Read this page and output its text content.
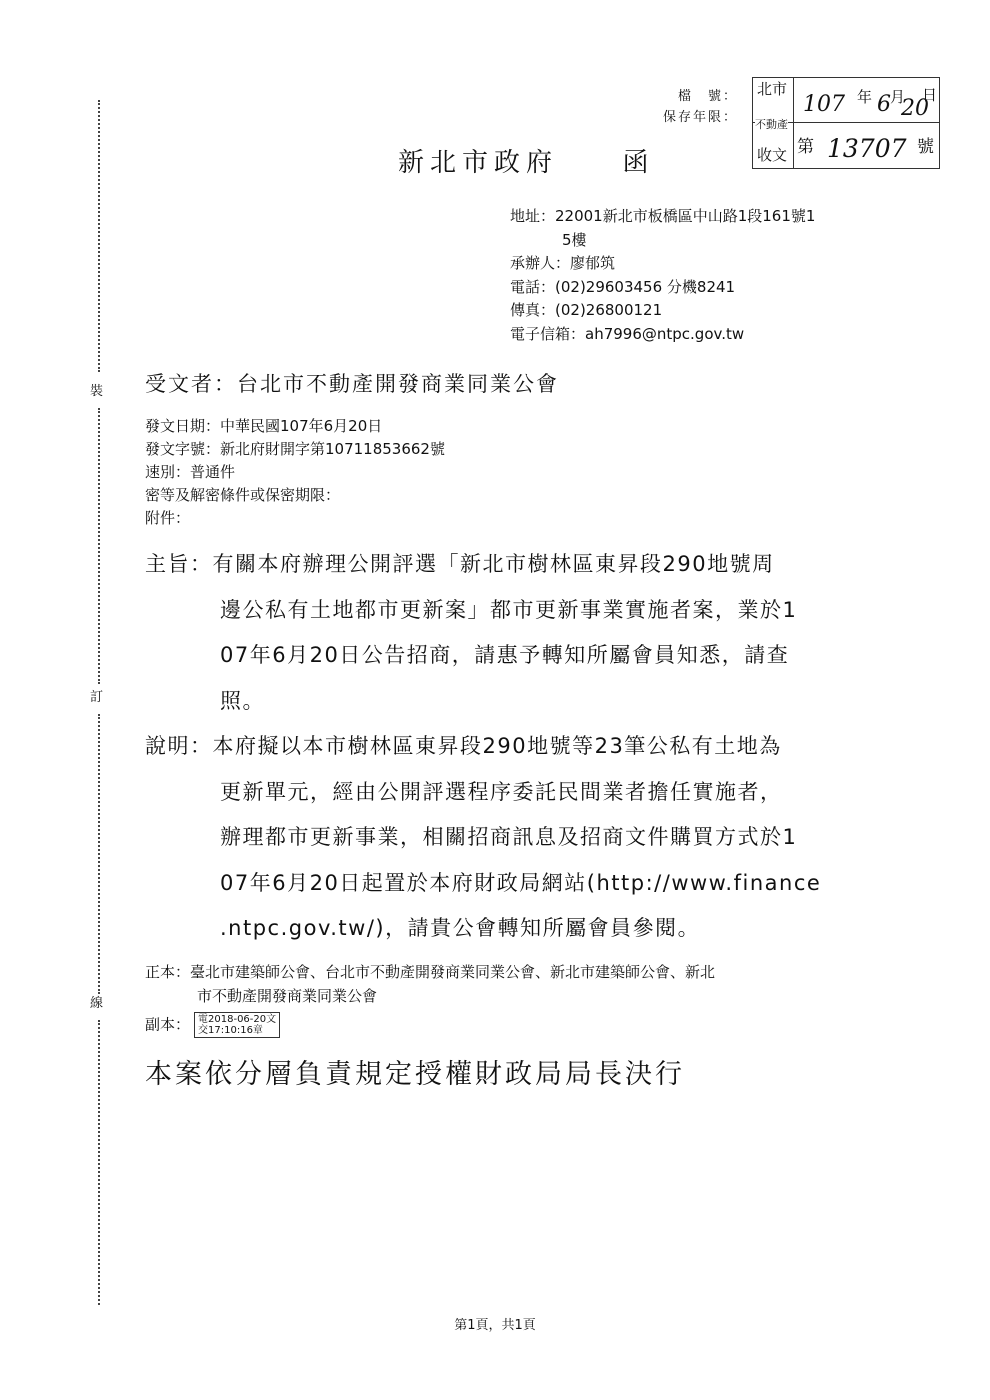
裝
訂
線
檔　號：
保存年限：
北市
不動產
收文
107 年 6 月
20
日
第 13707 號
新北市政府 函
地址：22001新北市板橋區中山路1段161號1
5樓
承辦人：廖郁筑
電話：(02)29603456 分機8241
傳真：(02)26800121
電子信箱：ah7996@ntpc.gov.tw
受文者：台北市不動產開發商業同業公會
發文日期：中華民國107年6月20日
發文字號：新北府財開字第10711853662號
速別：普通件
密等及解密條件或保密期限：
附件：
主旨：有關本府辦理公開評選「新北市樹林區東昇段290地號周
邊公私有土地都市更新案」都市更新事業實施者案，業於1
07年6月20日公告招商，請惠予轉知所屬會員知悉，請查
照。
說明：本府擬以本市樹林區東昇段290地號等23筆公私有土地為
更新單元，經由公開評選程序委託民間業者擔任實施者，
辦理都市更新事業，相關招商訊息及招商文件購買方式於1
07年6月20日起置於本府財政局網站(http://www.finance
.ntpc.gov.tw/)，請貴公會轉知所屬會員參閱。
正本：臺北市建築師公會、台北市不動產開發商業同業公會、新北市建築師公會、新北
市不動產開發商業同業公會
副本： 電2018-06-20文
交17:10:16章
本案依分層負責規定授權財政局局長決行
第1頁，共1頁
